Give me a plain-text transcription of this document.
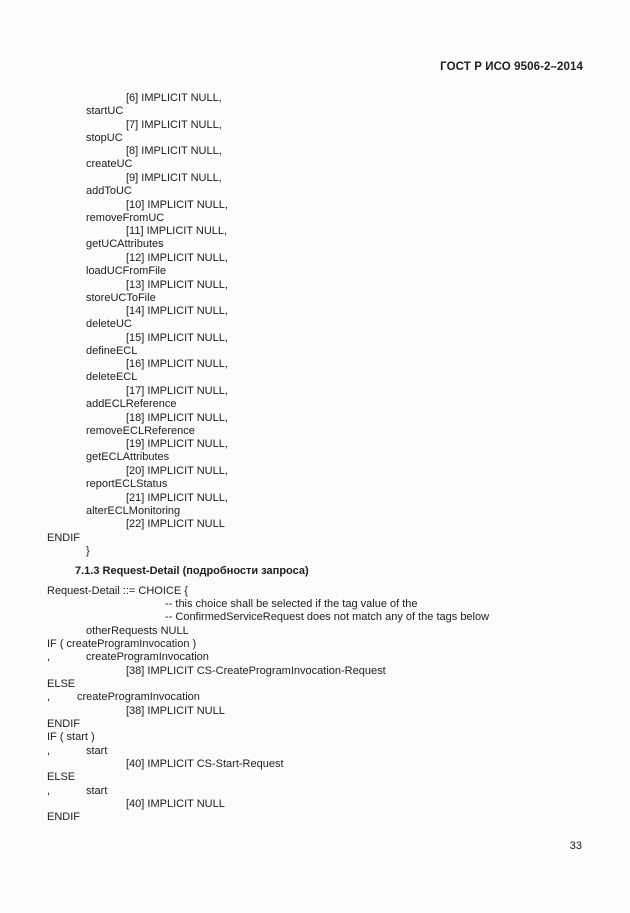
ГОСТ Р ИСО 9506-2–2014
[6] IMPLICIT NULL,
startUC
[7] IMPLICIT NULL,
stopUC
[8] IMPLICIT NULL,
createUC
[9] IMPLICIT NULL,
addToUC
[10] IMPLICIT NULL,
removeFromUC
[11] IMPLICIT NULL,
getUCAttributes
[12] IMPLICIT NULL,
loadUCFromFile
[13] IMPLICIT NULL,
storeUCToFile
[14] IMPLICIT NULL,
deleteUC
[15] IMPLICIT NULL,
defineECL
[16] IMPLICIT NULL,
deleteECL
[17] IMPLICIT NULL,
addECLReference
[18] IMPLICIT NULL,
removeECLReference
[19] IMPLICIT NULL,
getECLAttributes
[20] IMPLICIT NULL,
reportECLStatus
[21] IMPLICIT NULL,
alterECLMonitoring
[22] IMPLICIT NULL
ENDIF
}
7.1.3 Request-Detail (подробности запроса)
Request-Detail ::= CHOICE {
-- this choice shall be selected if the tag value of the
-- ConfirmedServiceRequest does not match any of the tags below
otherRequests NULL
IF ( createProgramInvocation )
,	createProgramInvocation
[38] IMPLICIT CS-CreateProgramInvocation-Request
ELSE
, createProgramInvocation
[38] IMPLICIT NULL
ENDIF
IF ( start )
,	start
[40] IMPLICIT CS-Start-Request
ELSE
,	start
[40] IMPLICIT NULL
ENDIF
33
